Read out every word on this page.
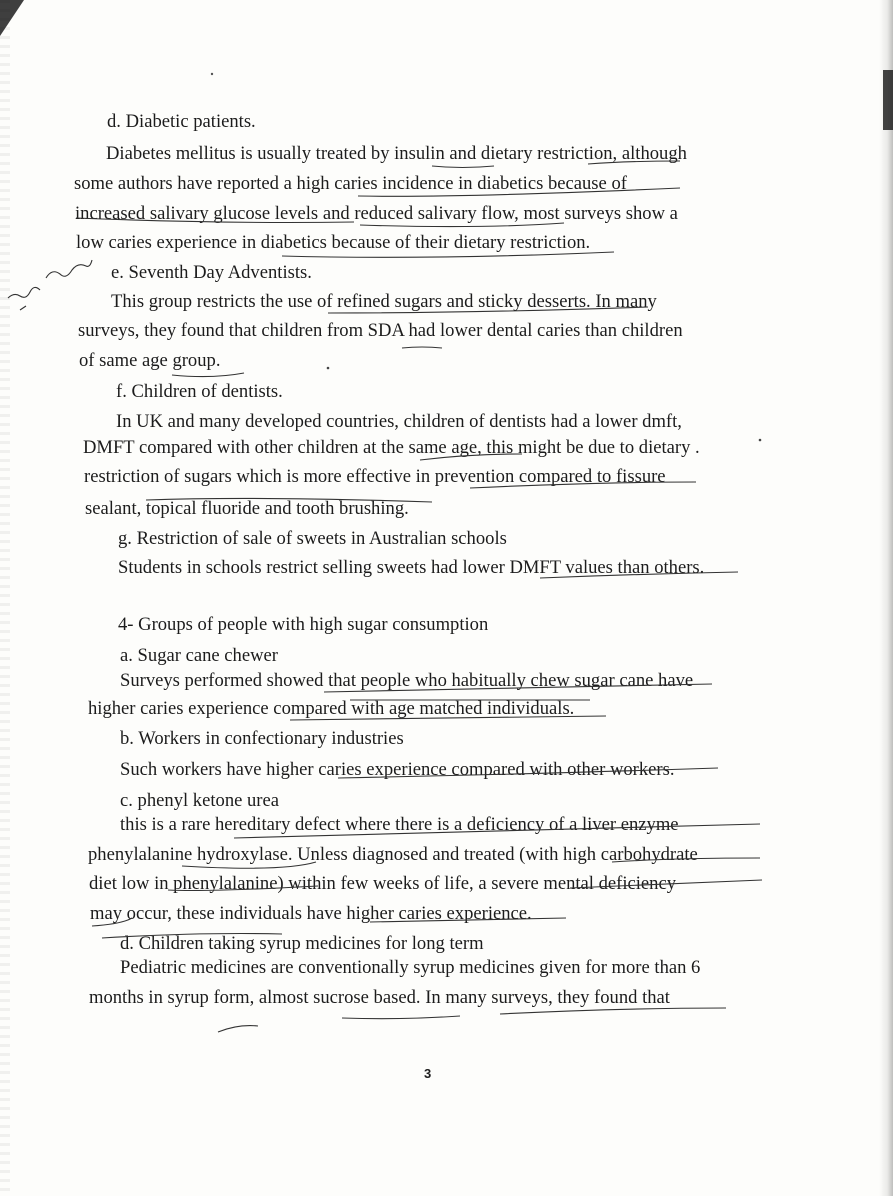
d. Diabetic patients.
Diabetes mellitus is usually treated by insulin and dietary restriction, although
some authors have reported a high caries incidence in diabetics because of
increased salivary glucose levels and reduced salivary flow, most surveys show a
low caries experience in diabetics because of their dietary restriction.
e. Seventh Day Adventists.
This group restricts the use of refined sugars and sticky desserts. In many
surveys, they found that children from SDA had lower dental caries than children
of same age group.
f. Children of dentists.
In UK and many developed countries, children of dentists had a lower dmft,
DMFT compared with other children at the same age, this might be due to dietary .
restriction of sugars which is more effective in prevention compared to fissure
sealant, topical fluoride and tooth brushing.
g. Restriction of sale of sweets in Australian schools
Students in schools restrict selling sweets had lower DMFT values than others.
4- Groups of people with high sugar consumption
a. Sugar cane chewer
Surveys performed showed that people who habitually chew sugar cane have
higher caries experience compared with age matched individuals.
b. Workers in confectionary industries
Such workers have higher caries experience compared with other workers.
c. phenyl ketone urea
this is a rare hereditary defect where there is a deficiency of a liver enzyme
phenylalanine hydroxylase. Unless diagnosed and treated (with high carbohydrate
diet low in phenylalanine) within few weeks of life, a severe mental deficiency
may occur, these individuals have higher caries experience.
d. Children taking syrup medicines for long term
Pediatric medicines are conventionally syrup medicines given for more than 6
months in syrup form, almost sucrose based. In many surveys, they found that
3
